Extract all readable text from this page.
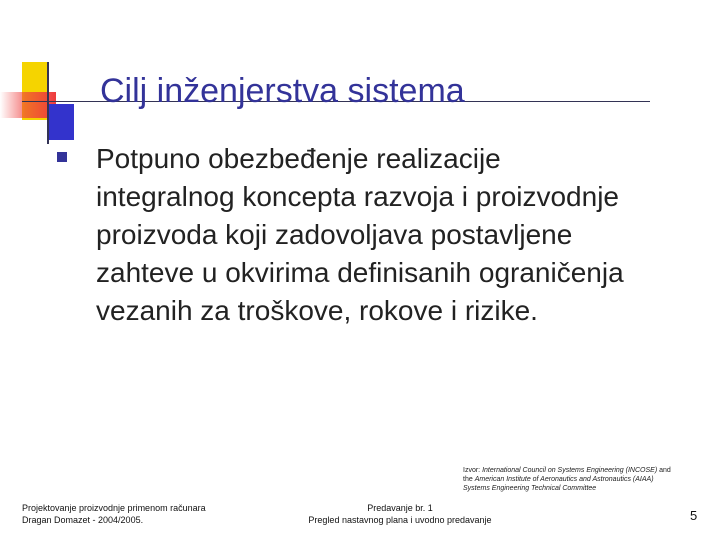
Cilj inženjerstva sistema
Potpuno obezbeđenje realizacije
integralnog koncepta razvoja i proizvodnje
proizvoda koji zadovoljava postavljene
zahteve u okvirima definisanih ograničenja
vezanih za troškove, rokove i rizike.
Izvor: International Council on Systems Engineering (INCOSE) and
the American Institute of Aeronautics and Astronautics (AIAA)
Systems Engineering Technical Committee
Projektovanje proizvodnje primenom računara
Dragan Domazet - 2004/2005.
Predavanje br. 1
Pregled nastavnog plana i uvodno predavanje	5
